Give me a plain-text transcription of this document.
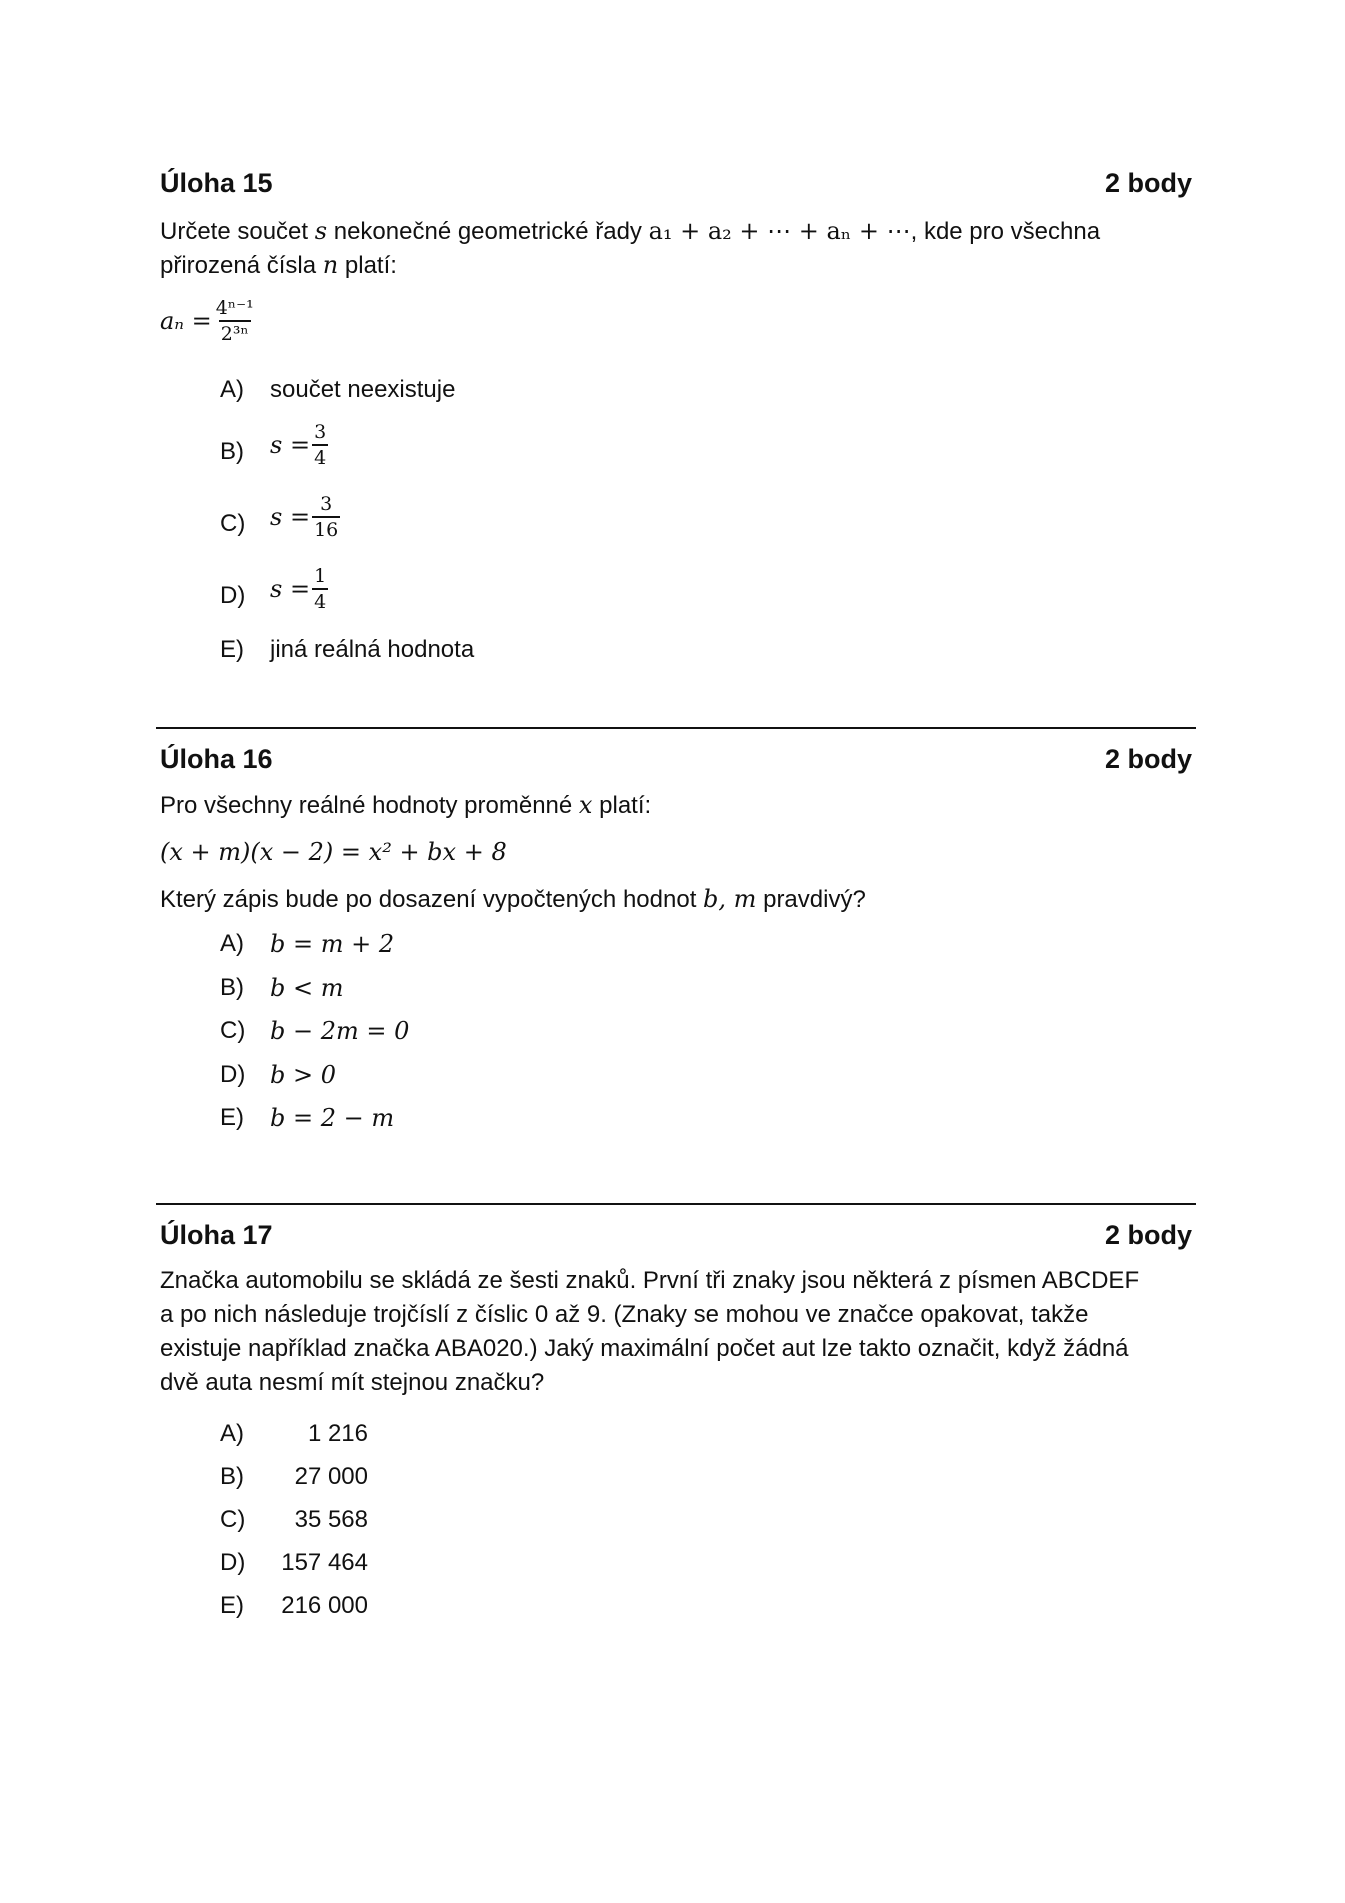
Úloha 15	2 body
Určete součet s nekonečné geometrické řady a₁ + a₂ + ⋯ + aₙ + ⋯, kde pro všechna
přirozená čísla n platí:
$a_n = \frac{\text{4ⁿ⁻¹}}{\text{2³ⁿ}}$
A) součet neexistuje
B) $s = \frac{3}{4}$
C) $s = \frac{3}{16}$
D) $s = \frac{1}{4}$
E) jiná reálná hodnota
Úloha 16	2 body
Pro všechny reálné hodnoty proměnné x platí:
(x + m)(x − 2) = x² + bx + 8
Který zápis bude po dosazení vypočtených hodnot b, m pravdivý?
A) b = m + 2
B) b < m
C) b − 2m = 0
D) b > 0
E) b = 2 − m
Úloha 17	2 body
Značka automobilu se skládá ze šesti znaků. První tři znaky jsou některá z písmen ABCDEF
a po nich následuje trojčíslí z číslic 0 až 9. (Znaky se mohou ve značce opakovat, takže
existuje například značka ABA020.) Jaký maximální počet aut lze takto označit, když žádná
dvě auta nesmí mít stejnou značku?
A)	1 216
B)	27 000
C)	35 568
D)	157 464
E)	216 000
